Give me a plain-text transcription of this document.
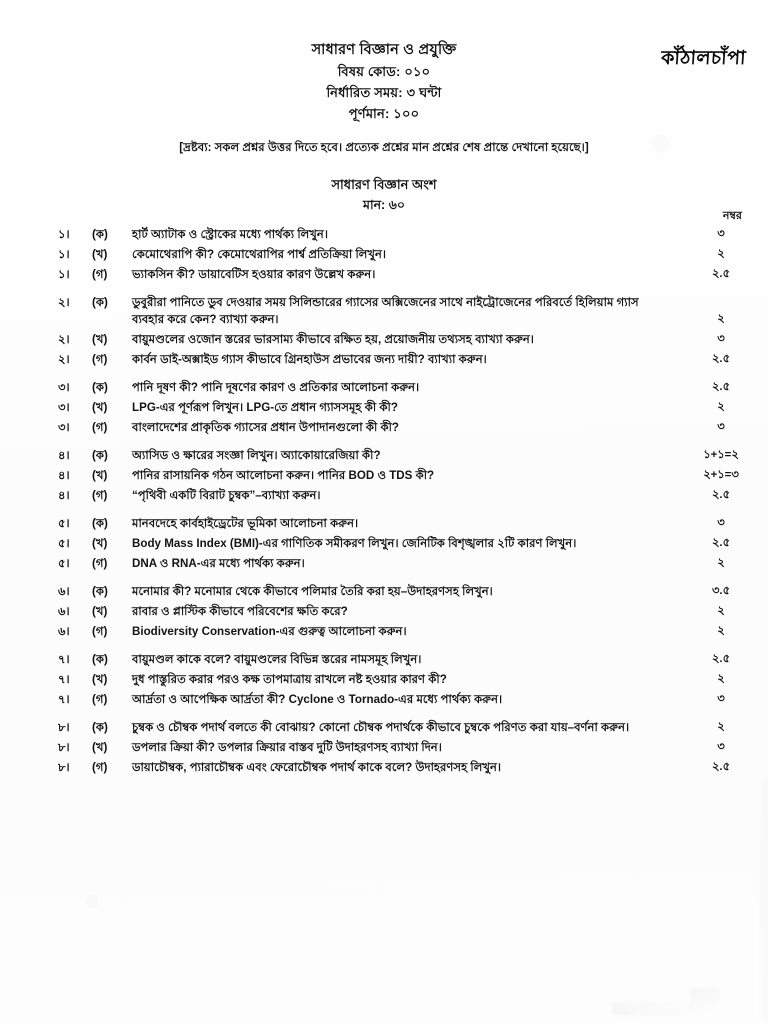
সাধারণ বিজ্ঞান ও প্রযুক্তি
বিষয় কোড: ০১০
নির্ধারিত সময়: ৩ ঘন্টা
পূর্ণমান: ১০০
কাঁঠালচাঁপা
[দ্রষ্টব্য: সকল প্রশ্নর উত্তর দিতে হবে। প্রত্যেক প্রশ্নের মান প্রশ্নের শেষ প্রান্তে দেখানো হয়েছে।]
সাধারণ বিজ্ঞান অংশ
মান: ৬০
নম্বর
১।	(ক)	হার্ট অ্যাটাক ও স্ট্রোকের মধ্যে পার্থক্য লিখুন।	৩
১।	(খ)	কেমোথেরাপি কী? কেমোথেরাপির পার্শ্ব প্রতিক্রিয়া লিখুন।	২
১।	(গ)	ভ্যাকসিন কী? ডায়াবেটিস হওয়ার কারণ উল্লেখ করুন।	২.৫
২।	(ক)	ডুবুরীরা পানিতে ডুব দেওয়ার সময় সিলিন্ডারের গ্যাসের অক্সিজেনের সাথে নাইট্রোজেনের পরিবর্তে হিলিয়াম গ্যাস ব্যবহার করে কেন? ব্যাখ্যা করুন।	২
২।	(খ)	বায়ুমণ্ডলের ওজোন স্তরের ভারসাম্য কীভাবে রক্ষিত হয়, প্রয়োজনীয় তথ্যসহ ব্যাখ্যা করুন।	৩
২।	(গ)	কার্বন ডাই-অক্সাইড গ্যাস কীভাবে গ্রিনহাউস প্রভাবের জন্য দায়ী? ব্যাখ্যা করুন।	২.৫
৩।	(ক)	পানি দূষণ কী? পানি দূষণের কারণ ও প্রতিকার আলোচনা করুন।	২.৫
৩।	(খ)	LPG-এর পূর্ণরূপ লিখুন। LPG-তে প্রধান গ্যাসসমূহ কী কী?	২
৩।	(গ)	বাংলাদেশের প্রাকৃতিক গ্যাসের প্রধান উপাদানগুলো কী কী?	৩
৪।	(ক)	অ্যাসিড ও ক্ষারের সংজ্ঞা লিখুন। অ্যাকোয়ারেজিয়া কী?	১+১=২
৪।	(খ)	পানির রাসায়নিক গঠন আলোচনা করুন। পানির BOD ও TDS কী?	২+১=৩
৪।	(গ)	“পৃথিবী একটি বিরাট চুম্বক”–ব্যাখ্যা করুন।	২.৫
৫।	(ক)	মানবদেহে কার্বহাইড্রেটের ভূমিকা আলোচনা করুন।	৩
৫।	(খ)	Body Mass Index (BMI)-এর গাণিতিক সমীকরণ লিখুন। জেনিটিক বিশৃঙ্খলার ২টি কারণ লিখুন।	২.৫
৫।	(গ)	DNA ও RNA-এর মধ্যে পার্থক্য করুন।	২
৬।	(ক)	মনোমার কী? মনোমার থেকে কীভাবে পলিমার তৈরি করা হয়–উদাহরণসহ লিখুন।	৩.৫
৬।	(খ)	রাবার ও প্লাস্টিক কীভাবে পরিবেশের ক্ষতি করে?	২
৬।	(গ)	Biodiversity Conservation-এর গুরুত্ব আলোচনা করুন।	২
৭।	(ক)	বায়ুমণ্ডল কাকে বলে? বায়ুমণ্ডলের বিভিন্ন স্তরের নামসমূহ লিখুন।	২.৫
৭।	(খ)	দুধ পাস্তুরিত করার পরও কক্ষ তাপমাত্রায় রাখলে নষ্ট হওয়ার কারণ কী?	২
৭।	(গ)	আর্দ্রতা ও আপেক্ষিক আর্দ্রতা কী? Cyclone ও Tornado-এর মধ্যে পার্থক্য করুন।	৩
৮।	(ক)	চুম্বক ও চৌম্বক পদার্থ বলতে কী বোঝায়? কোনো চৌম্বক পদার্থকে কীভাবে চুম্বকে পরিণত করা যায়–বর্ণনা করুন।	২
৮।	(খ)	ডপলার ক্রিয়া কী? ডপলার ক্রিয়ার বাস্তব দুটি উদাহরণসহ ব্যাখ্যা দিন।	৩
৮।	(গ)	ডায়াচৌম্বক, প্যারাচৌম্বক এবং ফেরোচৌম্বক পদার্থ কাকে বলে? উদাহরণসহ লিখুন।	২.৫
